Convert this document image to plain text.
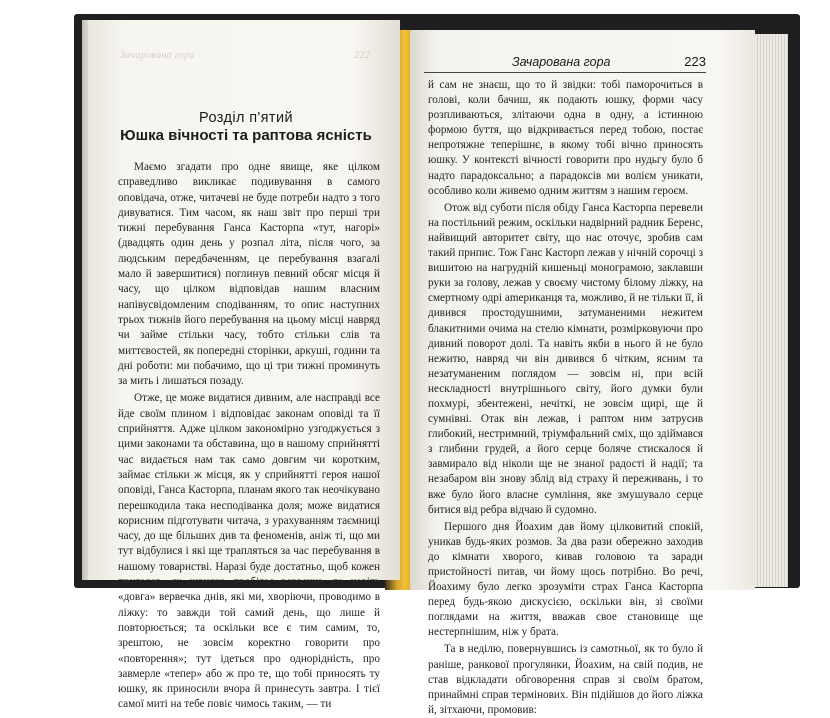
Зачарована гора	222
Розділ п'ятий
Юшка вічності та раптова ясність

Маємо згадати про одне явище, яке цілком справедливо викликає подивування в самого оповідача, отже, читачеві не буде потреби надто з того дивуватися. Тим часом, як наш звіт про перші три тижні перебування Ганса Касторпа «тут, нагорі» (двадцять один день у розпал літа, після чого, за людським передбаченням, це перебування взагалі мало й завершитися) поглинув певний обсяг місця й часу, що цілком відповідав нашим власним напівусвідомленим сподіванням, то опис наступних трьох тижнів його перебування на цьому місці навряд чи займе стільки часу, тобто стільки слів та миттєвостей, як попередні сторінки, аркуші, години та дні роботи: ми побачимо, що ці три тижні проминуть за мить і лишаться позаду.

Отже, це може видатися дивним, але насправді все йде своїм плином і відповідає законам оповіді та її сприйняття. Адже цілком закономірно узгоджується з цими законами та обставина, що в нашому сприйнятті час видається нам так само довгим чи коротким, займає стільки ж місця, як у сприйнятті героя нашої оповіді, Ганса Касторпа, планам якого так неочікувано перешкодила така несподіванка доля; може видатися корисним підготувати читача, з урахуванням таємниці часу, до ще більших див та феноменів, аніж ті, що ми тут відбулися і які ще трапляться за час перебування в нашому товаристві. Наразі буде достатньо, щоб кожен пригадав, як швидко пробігає вервечка, та навіть «довга» вервечка днів, які ми, хворіючи, проводимо в ліжку: то завжди той самий день, що лише й повторюється; та оскільки все є тим самим, то, зрештою, не зовсім коректно говорити про «повторення»; тут ідеться про однорідність, про завмерле «тепер» або ж про те, що тобі приносять ту юшку, як приносили вчора й принесуть завтра. І тієї самої миті на тебе повіє чимось таким, — ти

Зачарована гора	223

й сам не знаєш, що то й звідки: тобі паморочиться в голові, коли бачиш, як подають юшку, форми часу розпливаються, злітаючи одна в одну, а істинною формою буття, що відкривається перед тобою, постає непротяжне теперішнє, в якому тобі вічно приносять юшку. У контексті вічності говорити про нудьгу було б надто парадоксально; а парадоксів ми волієм уникати, особливо коли живемо одним життям з нашим героєм.

Отож від суботи після обіду Ганса Касторпа перевели на постільний режим, оскільки надвірний радник Беренс, найвищий авторитет світу, що нас оточує, зробив сам такий припис. Тож Ганс Касторп лежав у нічній сорочці з вишитою на нагрудній кишеньці монограмою, заклавши руки за голову, лежав у своєму чистому білому ліжку, на смертному одрі ameриканця та, можливо, й не тільки її, й дивився простодушними, затуманеними нежитем блакитними очима на стелю кімнати, розмірковуючи про дивний поворот долі. Та навіть якби в нього й не було нежитю, навряд чи він дивився б чітким, ясним та незатуманеним поглядом — зовсім ні, при всій нескладності внутрішнього світу, його думки були похмурі, збентежені, нечіткі, не зовсім щирі, ще й сумнівні. Отак він лежав, і раптом ним затрусив глибокий, нестримний, тріумфальний сміх, що здіймався з глибини грудей, а його серце боляче стискалося й завмирало від ніколи ще не знаної радості й надії; та незабаром він знову зблід від страху й переживань, і то вже було його власне сумління, яке змушувало серце битися від ребра відчаю й судомно.

Першого дня Йоахим дав йому цілковитий спокій, уникав будь-яких розмов. За два рази обережно заходив до кімнати хворого, кивав головою та заради пристойності питав, чи йому щось потрібно. Во речі, Йоахиму було легко зрозуміти страх Ганса Касторпа перед будь-якою дискусією, оскільки він, зі своїми поглядами на життя, вважав свое становище ще нестерпнішим, ніж у брата.

Та в неділю, повернувшись із самотньої, як то було й раніше, ранкової прогулянки, Йоахим, на свій подив, не став відкладати обговорення справ зі своїм братом, принаймні справ термінових. Він підійшов до його ліжка й, зітхаючи, промовив:
